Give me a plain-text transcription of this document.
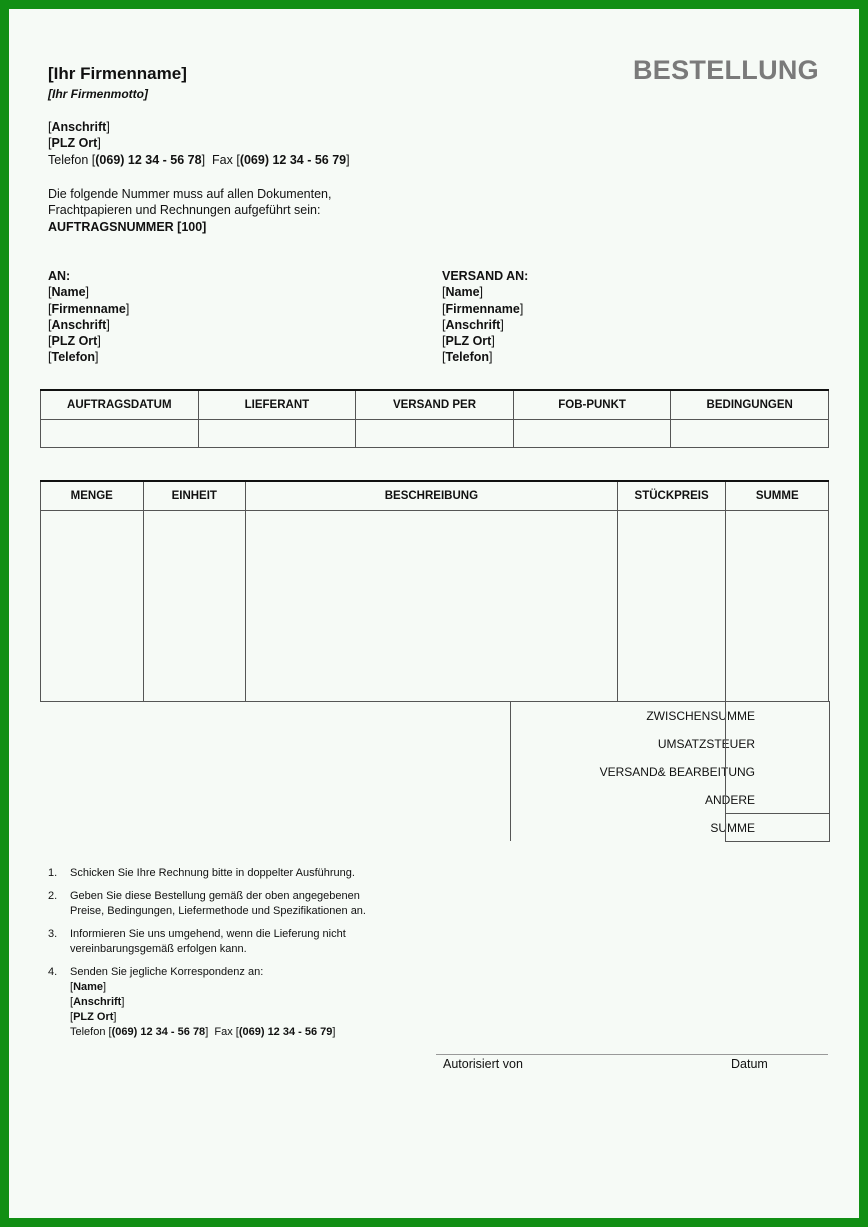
[Ihr Firmenname]
[Ihr Firmenmotto]
BESTELLUNG
[Anschrift]
[PLZ Ort]
Telefon [(069) 12 34 - 56 78]  Fax [(069) 12 34 - 56 79]
Die folgende Nummer muss auf allen Dokumenten,
Frachtpapieren und Rechnungen aufgeführt sein:
AUFTRAGSNUMMER [100]
AN:
[Name]
[Firmenname]
[Anschrift]
[PLZ Ort]
[Telefon]
VERSAND AN:
[Name]
[Firmenname]
[Anschrift]
[PLZ Ort]
[Telefon]
AUFTRAGSDATUM	LIEFERANT	VERSAND PER	FOB-PUNKT	BEDINGUNGEN

MENGE	EINHEIT	BESCHREIBUNG	STÜCKPREIS	SUMME

ZWISCHENSUMME
UMSATZSTEUER
VERSAND& BEARBEITUNG
ANDERE
SUMME
1. Schicken Sie Ihre Rechnung bitte in doppelter Ausführung.
2. Geben Sie diese Bestellung gemäß der oben angegebenen
Preise, Bedingungen, Liefermethode und Spezifikationen an.
3. Informieren Sie uns umgehend, wenn die Lieferung nicht
vereinbarungsgemäß erfolgen kann.
4. Senden Sie jegliche Korrespondenz an:
[Name]
[Anschrift]
[PLZ Ort]
Telefon [(069) 12 34 - 56 78]  Fax [(069) 12 34 - 56 79]
Autorisiert von	Datum
